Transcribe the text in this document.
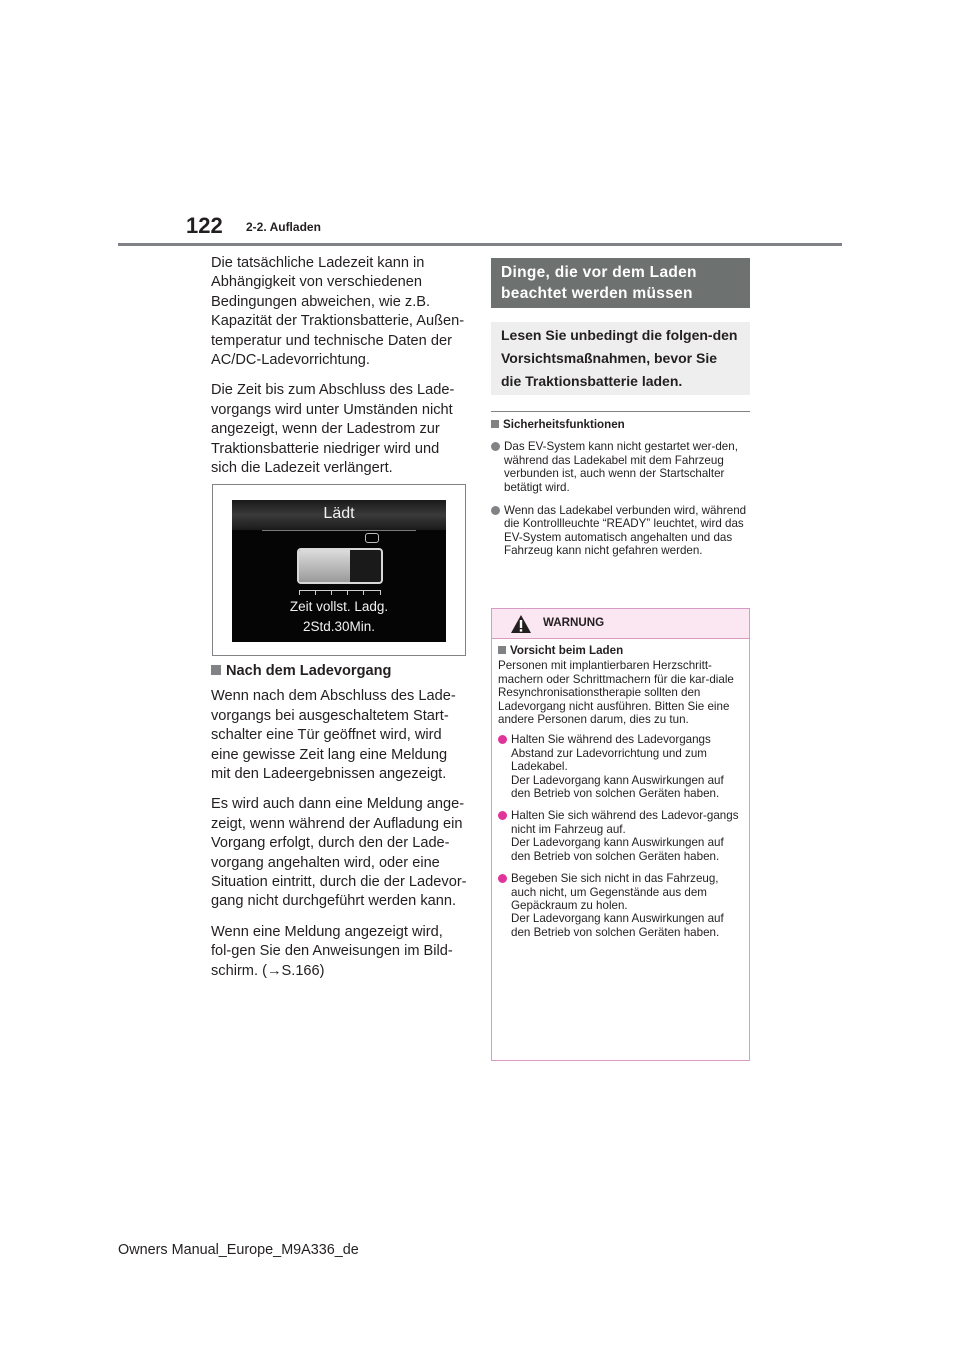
122 2-2. Aufladen

Die tatsächliche Ladezeit kann in Abhängigkeit von verschiedenen Bedingungen abweichen, wie z.B. Kapazität der Traktionsbatterie, Außen-temperatur und technische Daten der AC/DC-Ladevorrichtung.

Die Zeit bis zum Abschluss des Lade-vorgangs wird unter Umständen nicht angezeigt, wenn der Ladestrom zur Traktionsbatterie niedriger wird und sich die Ladezeit verlängert.

Lädt
Zeit vollst. Ladg.
2Std.30Min.

Nach dem Ladevorgang

Wenn nach dem Abschluss des Lade-vorgangs bei ausgeschaltetem Start-schalter eine Tür geöffnet wird, wird eine gewisse Zeit lang eine Meldung mit den Ladeergebnissen angezeigt.

Es wird auch dann eine Meldung ange-zeigt, wenn während der Aufladung ein Vorgang erfolgt, durch den der Lade-vorgang angehalten wird, oder eine Situation eintritt, durch die der Ladevor-gang nicht durchgeführt werden kann.

Wenn eine Meldung angezeigt wird, fol-gen Sie den Anweisungen im Bild-schirm. (→S.166)

Dinge, die vor dem Laden beachtet werden müssen
Lesen Sie unbedingt die folgen-den Vorsichtsmaßnahmen, bevor Sie die Traktionsbatterie laden.

Sicherheitsfunktionen

Das EV-System kann nicht gestartet wer-den, während das Ladekabel mit dem Fahrzeug verbunden ist, auch wenn der Startschalter betätigt wird.
Wenn das Ladekabel verbunden wird, während die Kontrollleuchte “READY” leuchtet, wird das EV-System automatisch angehalten und das Fahrzeug kann nicht gefahren werden.
WARNUNG

Vorsicht beim Laden

Personen mit implantierbaren Herzschritt-machern oder Schrittmachern für die kar-diale Resynchronisationstherapie sollten den Ladevorgang nicht ausführen. Bitten Sie eine andere Personen darum, dies zu tun.

Halten Sie während des Ladevorgangs Abstand zur Ladevorrichtung und zum Ladekabel.
Der Ladevorgang kann Auswirkungen auf den Betrieb von solchen Geräten haben.
Halten Sie sich während des Ladevor-gangs nicht im Fahrzeug auf.
Der Ladevorgang kann Auswirkungen auf den Betrieb von solchen Geräten haben.
Begeben Sie sich nicht in das Fahrzeug, auch nicht, um Gegenstände aus dem Gepäckraum zu holen.
Der Ladevorgang kann Auswirkungen auf den Betrieb von solchen Geräten haben.
Owners Manual_Europe_M9A336_de
